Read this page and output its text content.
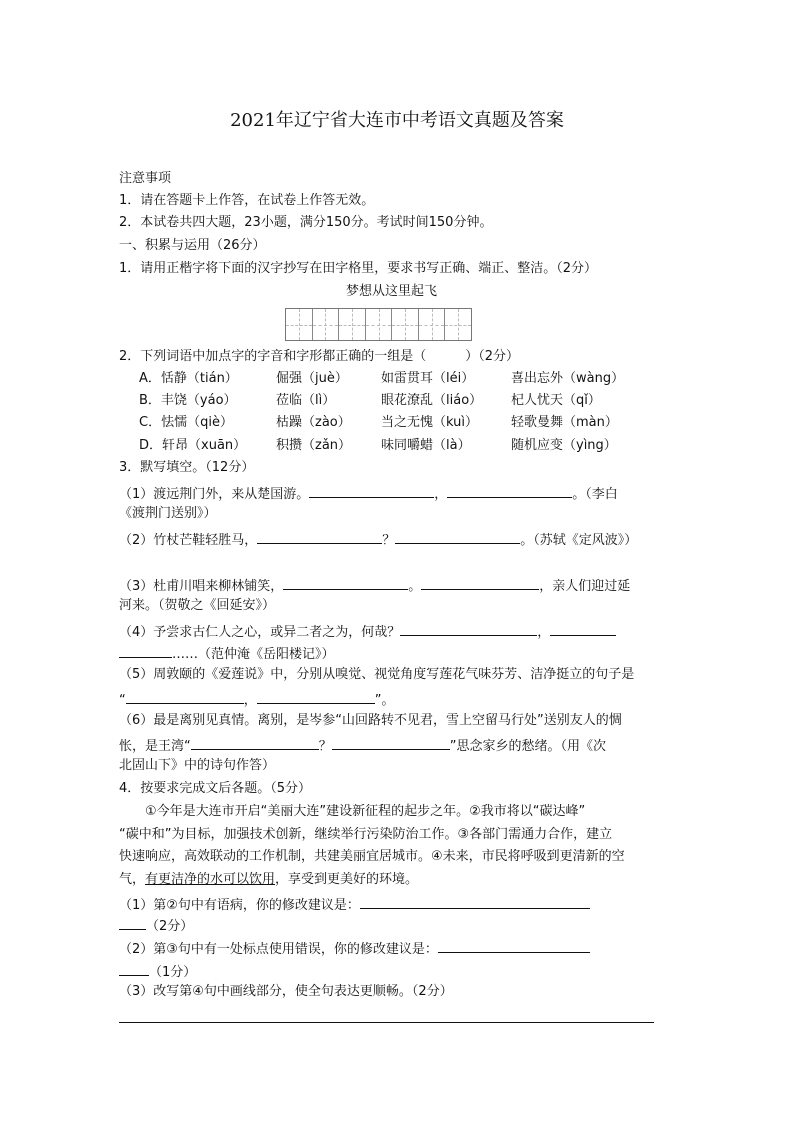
2021年辽宁省大连市中考语文真题及答案
注意事项
1．请在答题卡上作答，在试卷上作答无效。
2．本试卷共四大题，23小题，满分150分。考试时间150分钟。
一、积累与运用（26分）
1．请用正楷字将下面的汉字抄写在田字格里，要求书写正确、端正、整洁。（2分）
梦想从这里起飞
2．下列词语中加点字的字音和字形都正确的一组是（　　　）（2分）
A．恬静（tián）	倔强（juè）	如雷贯耳（léi）	喜出忘外（wàng）
B．丰饶（yáo）	莅临（lì）	眼花潦乱（liáo） 杞人忧天（qǐ）
C．怯懦（qiè）	枯躁（zào） 当之无愧（kuì）	轻歌曼舞（màn）
D．轩昂（xuān） 积攒（zǎn） 味同嚼蜡（là）	随机应变（yìng）
3．默写填空。（12分）
（1）渡远荆门外，来从楚国游。	，	。（李白
《渡荆门送别》）
（2）竹杖芒鞋轻胜马，	？	。（苏轼《定风波》）
（3）杜甫川唱来柳林铺笑，	。	，亲人们迎过延
河来。（贺敬之《回延安》）
（4）予尝求古仁人之心，或异二者之为，何哉？	，
……（范仲淹《岳阳楼记》）
（5）周敦颐的《爱莲说》中，分别从嗅觉、视觉角度写莲花气味芬芳、洁净挺立的句子是
“	，	”。
（6）最是离别见真情。离别，是岑参“山回路转不见君，雪上空留马行处”送别友人的惆
怅，是王湾“	？	”思念家乡的愁绪。（用《次
北固山下》中的诗句作答）
4．按要求完成文后各题。（5分）
　　①今年是大连市开启“美丽大连”建设新征程的起步之年。②我市将以“碳达峰”
“碳中和”为目标，加强技术创新，继续举行污染防治工作。③各部门需通力合作，建立
快速响应，高效联动的工作机制，共建美丽宜居城市。④未来，市民将呼吸到更清新的空
气，有更洁净的水可以饮用，享受到更美好的环境。
（1）第②句中有语病，你的修改建议是：
（2分）
（2）第③句中有一处标点使用错误，你的修改建议是：
（1分）
（3）改写第④句中画线部分，使全句表达更顺畅。（2分）
